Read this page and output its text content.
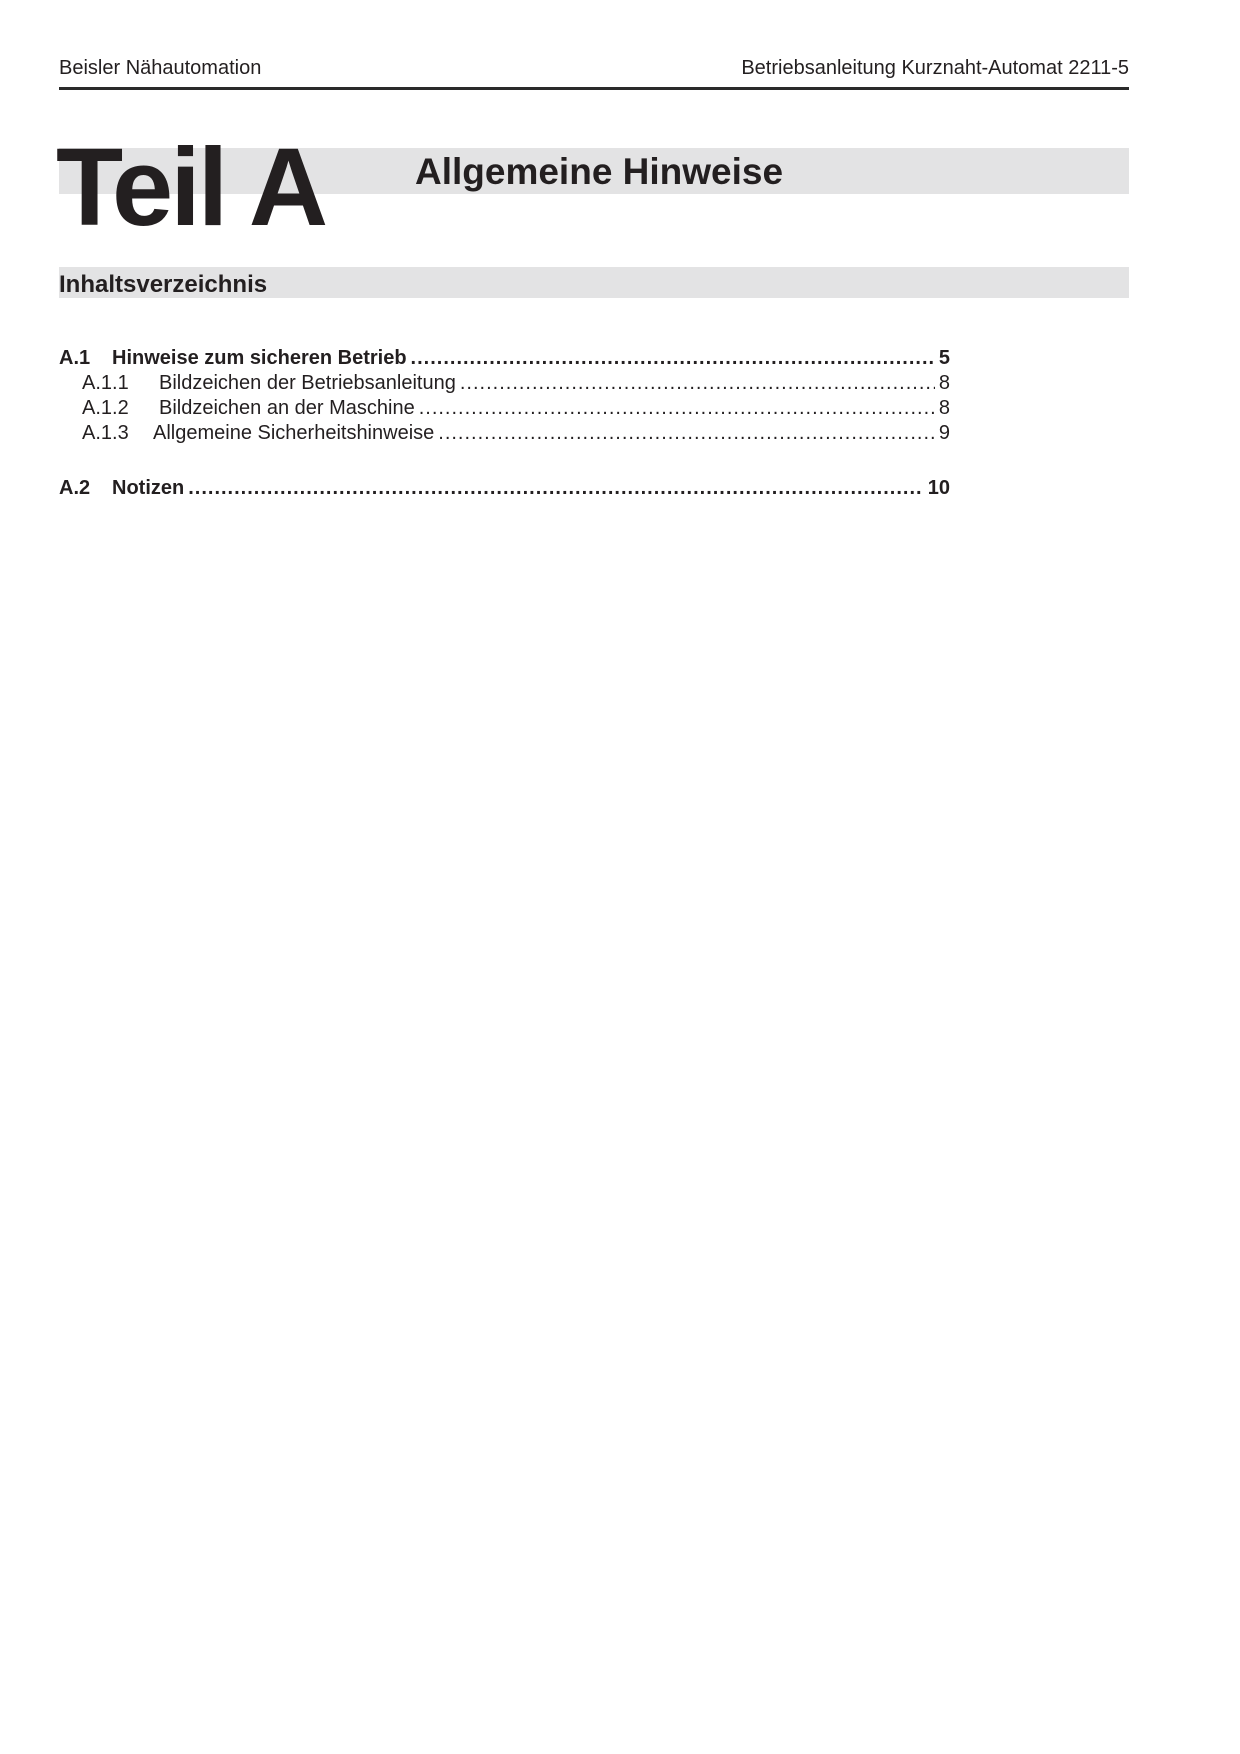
Beisler Nähautomation	Betriebsanleitung Kurznaht-Automat 2211-5
Teil A Allgemeine Hinweise
Inhaltsverzeichnis
A.1	Hinweise zum sicheren Betrieb .....	5
A.1.1	Bildzeichen der Betriebsanleitung .....	8
A.1.2	Bildzeichen an der Maschine .....	8
A.1.3	Allgemeine Sicherheitshinweise .....	9
A.2	Notizen .....	10
